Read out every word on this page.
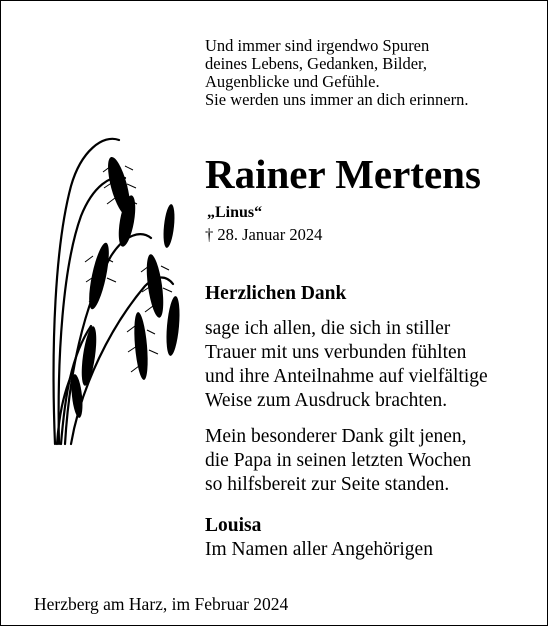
Und immer sind irgendwo Spuren
deines Lebens, Gedanken, Bilder,
Augenblicke und Gefühle.
Sie werden uns immer an dich erinnern.
Rainer Mertens
„Linus“
† 28. Januar 2024
Herzlichen Dank
sage ich allen, die sich in stiller
Trauer mit uns verbunden fühlten
und ihre Anteilnahme auf vielfältige
Weise zum Ausdruck brachten.
Mein besonderer Dank gilt jenen,
die Papa in seinen letzten Wochen
so hilfsbereit zur Seite standen.
Louisa
Im Namen aller Angehörigen
Herzberg am Harz, im Februar 2024
